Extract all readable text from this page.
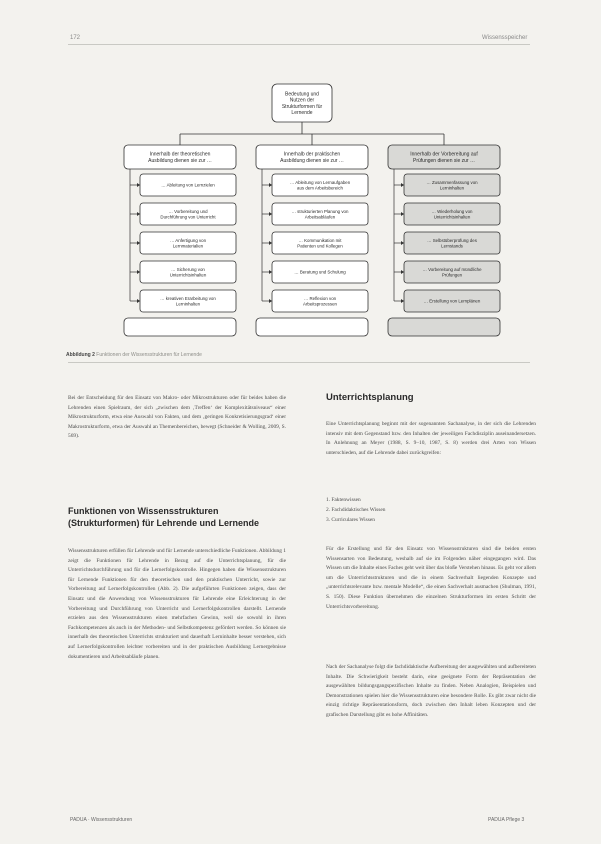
172	Wissensspeicher
Bedeutung und Nutzen der Strukturformen für Lernende
Innerhalb der theoretischen Ausbildung dienen sie zur …
… Ableitung von Lernzielen
… Vorbereitung und Durchführung von Unterricht
… Anfertigung von Lernmaterialien
… Sicherung von Unterrichtsinhalten
… kreativen Erarbeitung von Lerninhalten
Innerhalb der praktischen Ausbildung dienen sie zur …
… Ableitung von Lernaufgaben aus dem Arbeitsbereich
… strukturierten Planung von Arbeitsabläufen
… Kommunikation mit Patienten und Kollegen
… Beratung und Schulung
… Reflexion von Arbeitsprozessen
Innerhalb der Vorbereitung auf Prüfungen dienen sie zur …
… Zusammenfassung von Lerninhalten
… Wiederholung von Unterrichtsinhalten
… Selbstüberprüfung des Lernstands
… Vorbereitung auf mündliche Prüfungen
… Erstellung von Lernplänen
Abbildung 2 Funktionen der Wissensstrukturen für Lernende
Bei der Entscheidung für den Einsatz von Makro- oder Mikrostrukturen oder für beides haben die Lehrenden einen Spielraum, der sich „zwischen dem ‚Treffen‘ der Komplexitätsniveaus“ einer Mikrostrukturform, etwa eine Auswahl von Fakten, und dem ‚geringen Konkretisierungsgrad‘ einer Makrostrukturform, etwa der Auswahl an Themenbereichen, bewegt (Schneider & Wolling, 2009, S. 569).
Funktionen von Wissensstrukturen (Strukturformen) für Lehrende und Lernende
Wissensstrukturen erfüllen für Lehrende und für Lernende unterschiedliche Funktionen. Abbildung 1 zeigt die Funktionen für Lehrende in Bezug auf die Unterrichtsplanung, für die Unterrichtsdurchführung und für die Lernerfolgskontrolle. Hingegen haben die Wissensstrukturen für Lernende Funktionen für den theoretischen und den praktischen Unterricht, sowie zur Vorbereitung auf Lernerfolgskontrollen (Abb. 2). Die aufgeführten Funktionen zeigen, dass der Einsatz und die Anwendung von Wissensstrukturen für Lehrende eine Erleichterung in der Vorbereitung und Durchführung von Unterricht und Lernerfolgskontrollen darstellt. Lernende erzielen aus den Wissensstrukturen einen mehrfachen Gewinn, weil sie sowohl in ihren Fachkompetenzen als auch in der Methoden- und Selbstkompetenz gefördert werden. So können sie innerhalb des theoretischen Unterrichts strukturiert und dauerhaft Lerninhalte besser verstehen, sich auf Lernerfolgskontrollen leichter vorbereiten und in der praktischen Ausbildung Lernergebnisse dokumentieren und Arbeitsabläufe planen.
Unterrichtsplanung
Eine Unterrichtsplanung beginnt mit der sogenannten Sachanalyse, in der sich die Lehrenden intensiv mit dem Gegenstand bzw. den Inhalten der jeweiligen Fachdisziplin auseinandersetzen. In Anlehnung an Meyer (1988, S. 9–10, 1987, S. 8) werden drei Arten von Wissen unterschieden, auf die Lehrende dabei zurückgreifen:
1. Faktenwissen
2. Fachdidaktisches Wissen
3. Curriculares Wissen
Für die Erstellung und für den Einsatz von Wissensstrukturen sind die beiden ersten Wissensarten von Bedeutung, weshalb auf sie im Folgenden näher eingegangen wird. Das Wissen um die Inhalte eines Faches geht weit über das bloße Verstehen hinaus. Es geht vor allem um die Unterrichtsstrukturen und die in einem Sachverhalt liegenden Konzepte und „unterrichtsrelevante bzw. mentale Modelle“, die einen Sachverhalt ausmachen (Shulman, 1991, S. 150). Diese Funktion übernehmen die einzelnen Strukturformen im ersten Schritt der Unterrichtsvorbereitung.
Nach der Sachanalyse folgt die fachdidaktische Aufbereitung der ausgewählten und aufbereiteten Inhalte. Die Schwierigkeit besteht darin, eine geeignete Form der Repräsentation der ausgewählten bildungsgangspezifischen Inhalte zu finden. Neben Analogien, Beispielen und Demonstrationen spielen hier die Wissensstrukturen eine besondere Rolle. Es gibt zwar nicht die einzig richtige Repräsentationsform, doch zwischen den Inhalt leben Konzepten und der grafischen Darstellung gibt es hohe Affinitäten.
PADUA · Wissensstrukturen	PADUA Pflege 3
